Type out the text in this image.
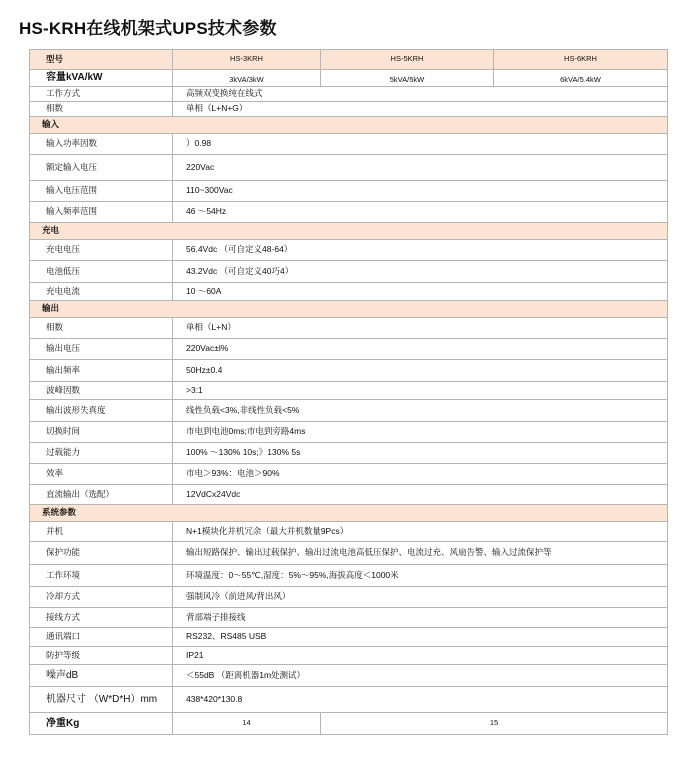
HS-KRH在线机架式UPS技术参数
型号	HS-3KRH	HS-5KRH	HS-6KRH
容量kVA/kW	3kVA/3kW	5kVA/5kW	6kVA/5.4kW
工作方式	高频双变换纯在线式		
相数	单相（L+N+G）		
输入			
输入功率因数	）0.98		
额定输入电压	220Vac		
输入电压范围	110~300Vac		
输入频率范围	46 ～54Hz		
充电			
充电电压	56.4Vdc （可自定义48-64）		
电池低压	43.2Vdc （可自定义40巧4）		
充电电流	10 ～60A		
输出			
相数	单相（L+N）		
输出电压	220Vac±l%		
输出频率	50Hz±0.4		
波峰因数	>3:1		
输出波形失真度	线性负载<3%,非线性负载<5%		
切换时间	市电到电池0ms;市电到旁路4ms		
过载能力	100% ～130% 10s;》130% 5s		
效率	市电＞93%：电池＞90%		
直流输出（选配）	12VdCx24Vdc		
系统参数			
并机	N+1模块化并机冗余（最大并机数量9Pcs）		
保护功能	输出短路保护、输出过载保护、输出过流电池高低压保护、电流过充、风扇告警、输入过流保护等		
工作环境	环境温度：0～55℃,湿度：5%～95%,海拔高度＜1000米		
冷却方式	强制风冷（前进风/背出风）		
接线方式	背部端子排接线		
通讯端口	RS232、RS485 USB		
防护等级	IP21		
噪声dB	＜55dB （距离机器1m处测试）		
机器尺寸 （W*D*H）mm	438*420*130.8		
净重Kg	14	15	
